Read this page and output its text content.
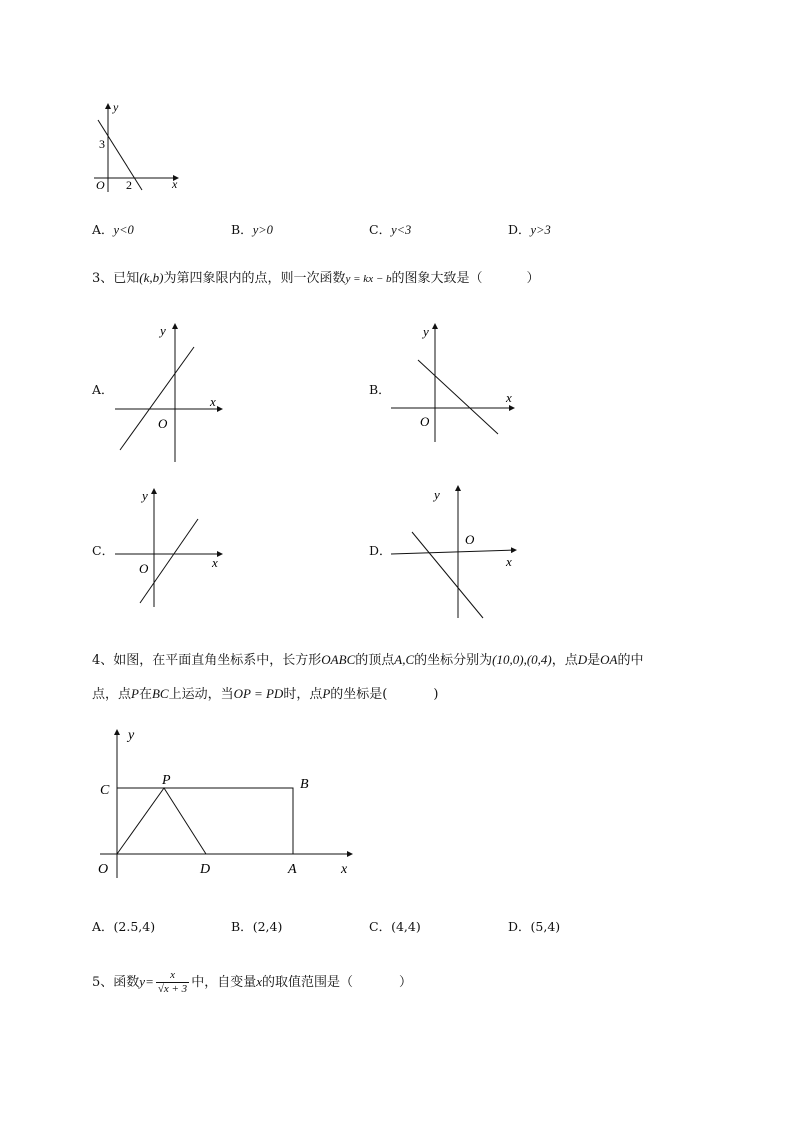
y
x
O
3
2
A．y<0	B．y>0	C．y<3	D．y>3
3、已知(k,b)为第四象限内的点，则一次函数y = kx − b的图象大致是（	）
A．	B．
C．	D．
y
x
O
y
x
O
y
x
O
y
x
O
4、如图，在平面直角坐标系中，长方形OABC的顶点A,C的坐标分别为(10,0),(0,4)，点D是OA的中
点，点P在BC上运动，当OP = PD时，点P的坐标是(	)
y
x
O
C
P	B
D	A
A．(2.5,4)	B．(2,4)	C．(4,4)	D．(5,4)
5、函数$y= \frac{x}{√x + 3}$ 中，自变量x的取值范围是（	）
